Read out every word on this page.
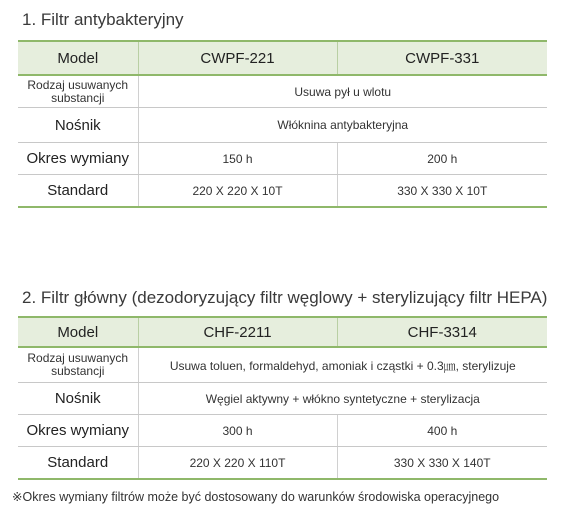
1. Filtr antybakteryjny
Model	CWPF-221	CWPF-331
Rodzaj usuwanych substancji	Usuwa pył u wlotu	
Nośnik	Włóknina antybakteryjna	
Okres wymiany	150 h	200 h
Standard	220 X 220 X 10T	330 X 330 X 10T
2. Filtr główny (dezodoryzujący filtr węglowy + sterylizujący filtr HEPA)
Model	CHF-2211	CHF-3314
Rodzaj usuwanych substancji	Usuwa toluen, formaldehyd, amoniak i cząstki + 0.3㎛, sterylizuje	
Nośnik	Węgiel aktywny + włókno syntetyczne + sterylizacja	
Okres wymiany	300 h	400 h
Standard	220 X 220 X 110T	330 X 330 X 140T
※Okres wymiany filtrów może być dostosowany do warunków środowiska operacyjnego
